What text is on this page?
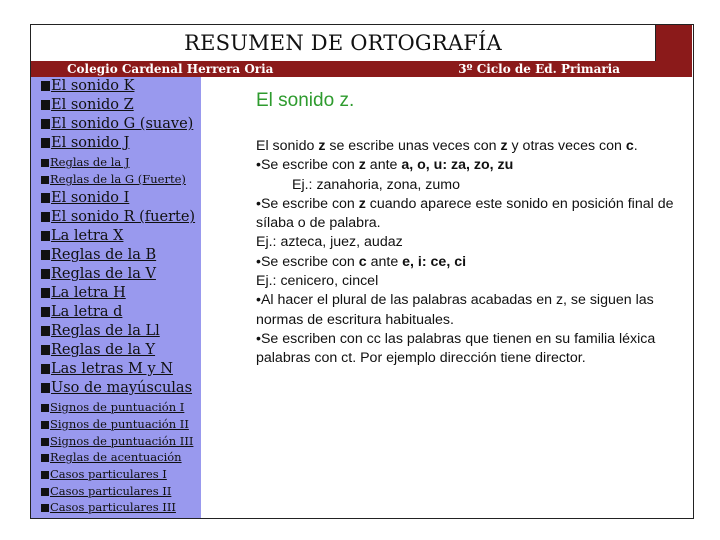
RESUMEN DE ORTOGRAFÍA
Colegio Cardenal Herrera Oria	3º Ciclo de Ed. Primaria
El sonido K
El sonido Z
El sonido G (suave)
El sonido J
Reglas de la J
Reglas de la G (Fuerte)
El sonido I
El sonido R (fuerte)
La letra X
Reglas de la B
Reglas de la V
La letra H
La letra d
Reglas de la Ll
Reglas de la Y
Las letras M y N
Uso de mayúsculas
Signos de puntuación I
Signos de puntuación II
Signos de puntuación III
Reglas de acentuación
Casos particulares I
Casos particulares II
Casos particulares III
El sonido z.

El sonido z se escribe unas veces con z y otras veces con c.

•Se escribe con z ante a, o, u: za, zo, zu

Ej.: zanahoria, zona, zumo

•Se escribe con z cuando aparece este sonido en posición final de sílaba o de palabra.

Ej.: azteca, juez, audaz

•Se escribe con c ante e, i: ce, ci

Ej.: cenicero, cincel

•Al hacer el plural de las palabras acabadas en z, se siguen las normas de escritura habituales.

•Se escriben con cc las palabras que tienen en su familia léxica palabras con ct. Por ejemplo dirección tiene director.
